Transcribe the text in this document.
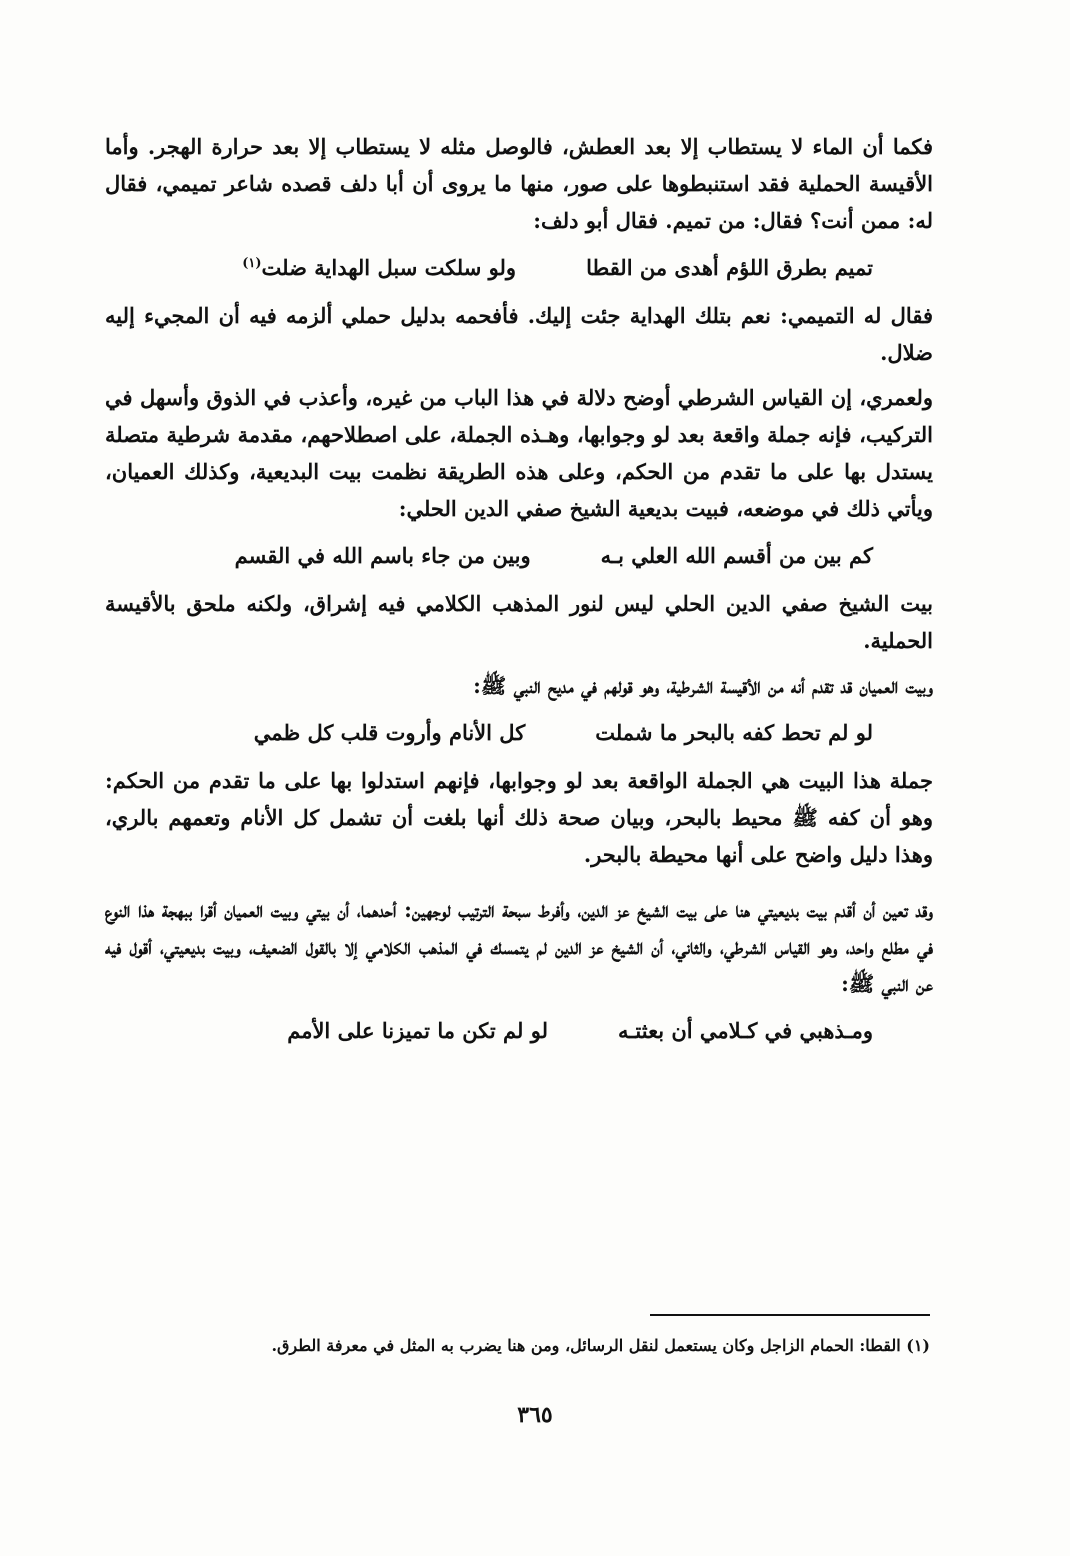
فكما أن الماء لا يستطاب إلا بعد العطش، فالوصل مثله لا يستطاب إلا بعد حرارة الهجر. وأما الأقيسة الحملية فقد استنبطوها على صور، منها ما يروى أن أبا دلف قصده شاعر تميمي، فقال له: ممن أنت؟ فقال: من تميم. فقال أبو دلف:

تميم بطرق اللؤم أهدى من القطا
ولو سلكت سبل الهداية ضلت$^{(١)}$

فقال له التميمي: نعم بتلك الهداية جئت إليك. فأفحمه بدليل حملي ألزمه فيه أن المجيء إليه ضلال.

ولعمري، إن القياس الشرطي أوضح دلالة في هذا الباب من غيره، وأعذب في الذوق وأسهل في التركيب، فإنه جملة واقعة بعد لو وجوابها، وهـذه الجملة، على اصطلاحهم، مقدمة شرطية متصلة يستدل بها على ما تقدم من الحكم، وعلى هذه الطريقة نظمت بيت البديعية، وكذلك العميان، ويأتي ذلك في موضعه، فبيت بديعية الشيخ صفي الدين الحلي:

كم بين من أقسم الله العلي بـه
وبين من جاء باسم الله في القسم

بيت الشيخ صفي الدين الحلي ليس لنور المذهب الكلامي فيه إشراق، ولكنه ملحق بالأقيسة الحملية.

وبيت العميان قد تقدم أنه من الأقيسة الشرطية، وهو قولهم في مديح النبي ﷺ:

لو لم تحط كفه بالبحر ما شملت
كل الأنام وأروت قلب كل ظمي

جملة هذا البيت هي الجملة الواقعة بعد لو وجوابها، فإنهم استدلوا بها على ما تقدم من الحكم: وهو أن كفه ﷺ محيط بالبحر، وبيان صحة ذلك أنها بلغت أن تشمل كل الأنام وتعمهم بالري، وهذا دليل واضح على أنها محيطة بالبحر.

وقد تعين أن أقدم بيت بديعيتي هنا على بيت الشيخ عز الدين، وأفرط سبحة الترتيب لوجهين: أحدهما، أن بيتي وبيت العميان أقرا ببهجة هذا النوع في مطلع واحد، وهو القياس الشرطي، والثاني، أن الشيخ عز الدين لم يتمسك في المذهب الكلامي إلا بالقول الضعيف، وبيت بديعيتي، أقول فيه عن النبي ﷺ:

ومـذهبي في كـلامي أن بعثتـه
لو لم تكن ما تميزنا على الأمم
(١) القطا: الحمام الزاجل وكان يستعمل لنقل الرسائل، ومن هنا يضرب به المثل في معرفة الطرق.
٣٦٥
